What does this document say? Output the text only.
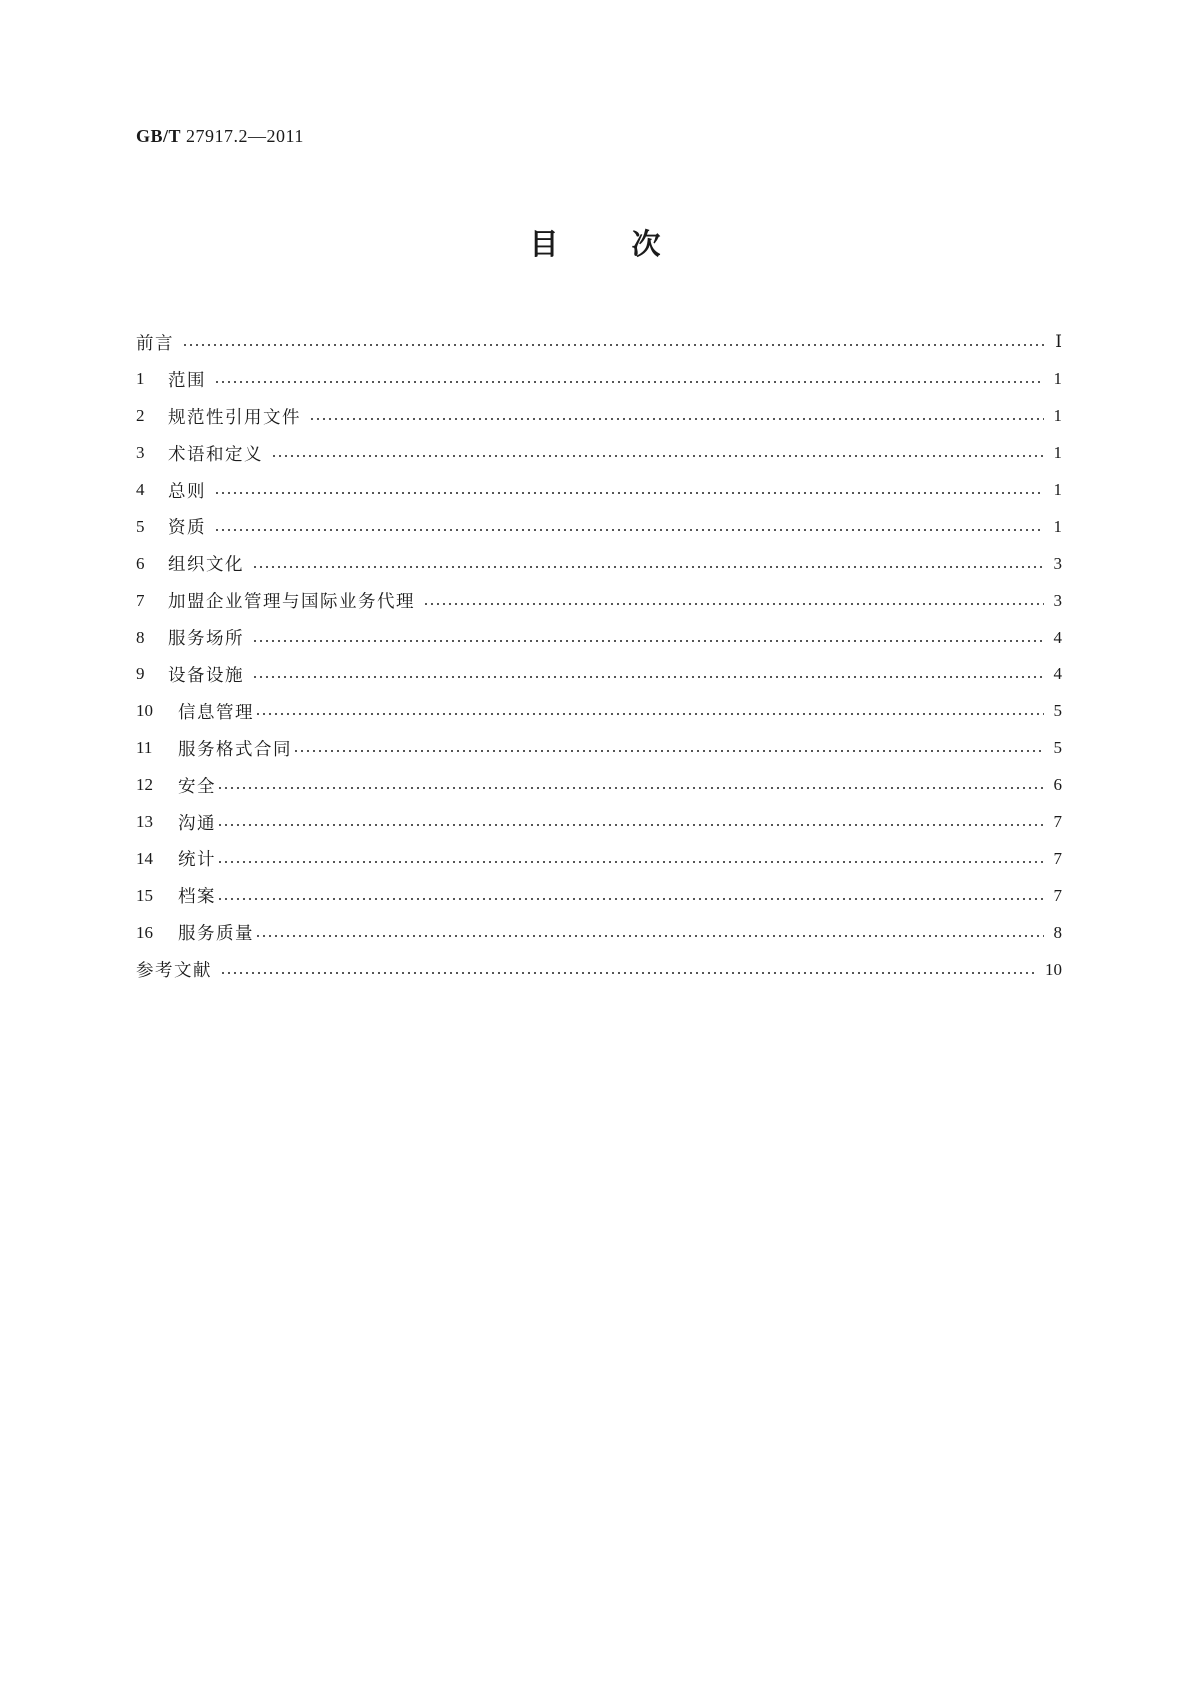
GB/T 27917.2—2011
目 次
前言	Ⅰ
1	范围	1
2	规范性引用文件	1
3	术语和定义	1
4	总则	1
5	资质	1
6	组织文化	3
7	加盟企业管理与国际业务代理	3
8	服务场所	4
9	设备设施	4
10	信息管理	5
11	服务格式合同	5
12	安全	6
13	沟通	7
14	统计	7
15	档案	7
16	服务质量	8
参考文献	10
